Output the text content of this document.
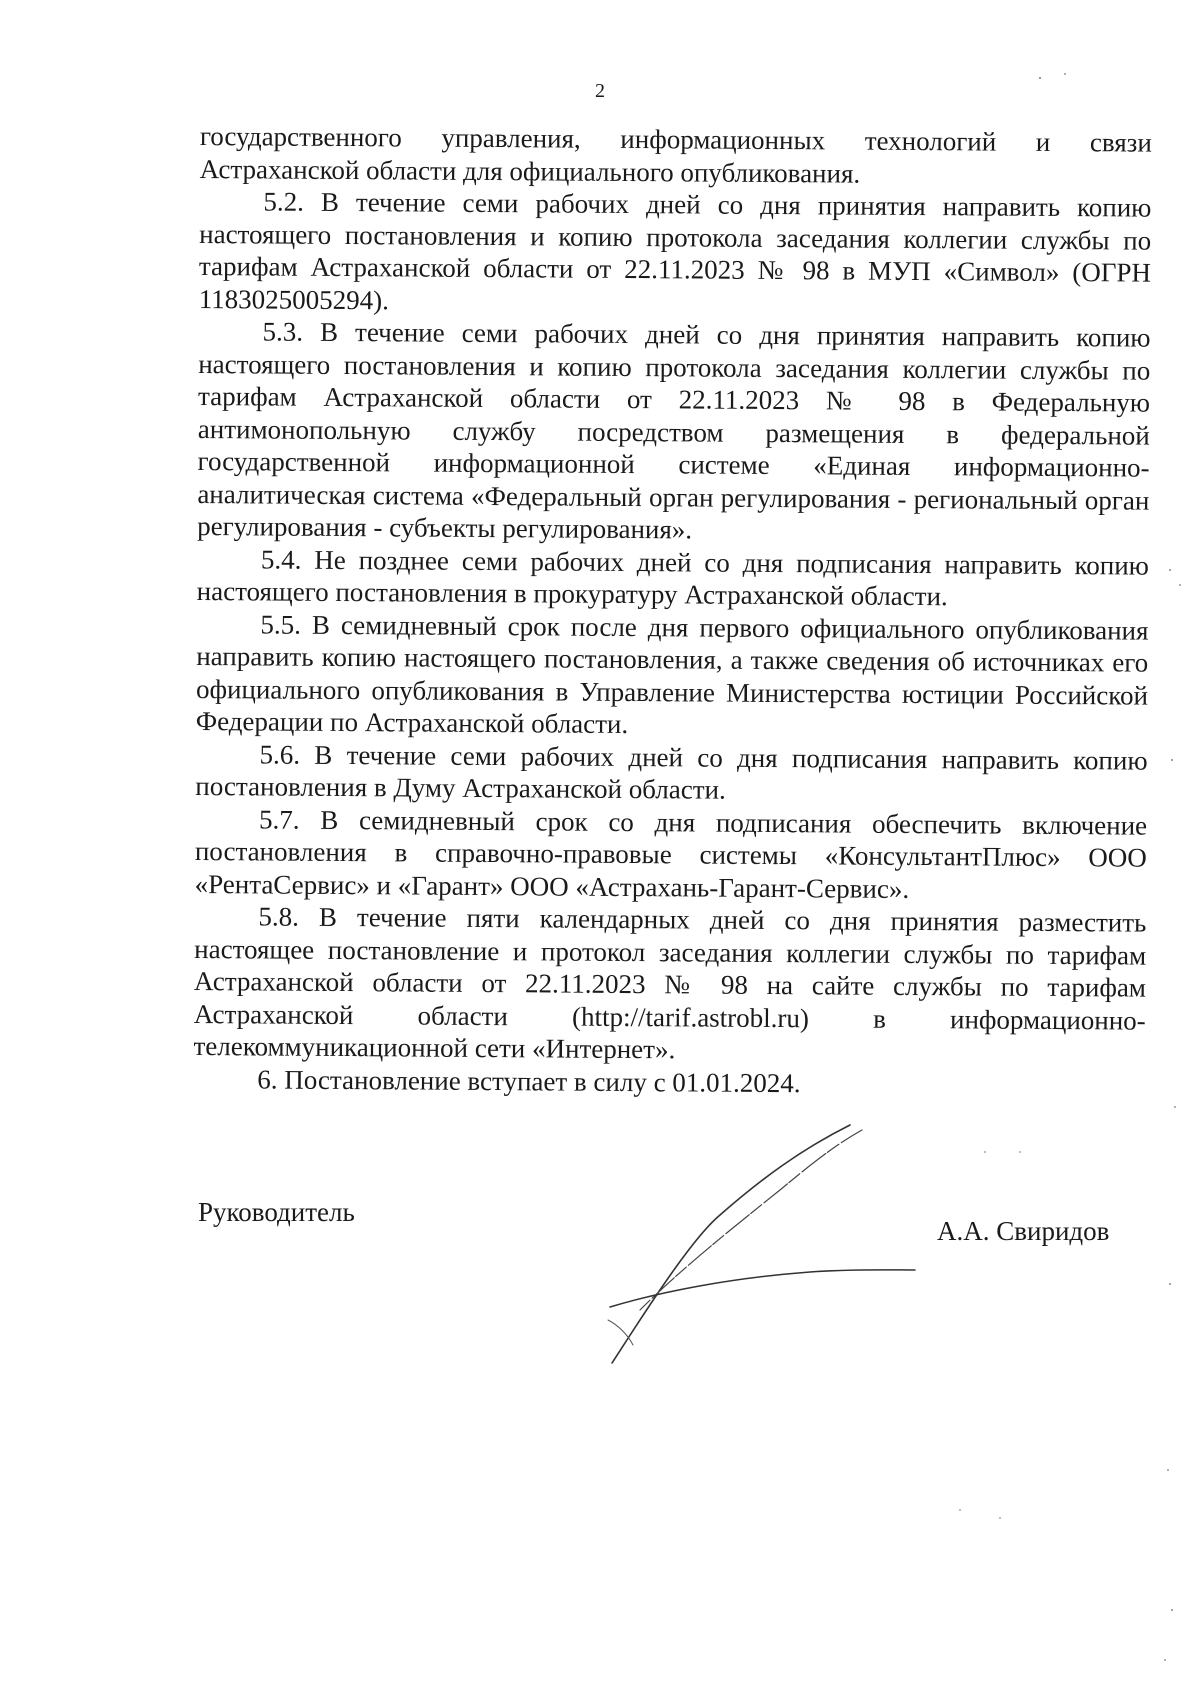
2

государственного управления, информационных технологий и связи Астраханской области для официального опубликования.

5.2. В течение семи рабочих дней со дня принятия направить копию настоящего постановления и копию протокола заседания коллегии службы по тарифам Астраханской области от 22.11.2023 № 98 в МУП «Символ» (ОГРН 1183025005294).

5.3. В течение семи рабочих дней со дня принятия направить копию настоящего постановления и копию протокола заседания коллегии службы по тарифам Астраханской области от 22.11.2023 № 98 в Федеральную антимонопольную службу посредством размещения в федеральной государственной информационной системе «Единая информационно-аналитическая система «Федеральный орган регулирования - региональный орган регулирования - субъекты регулирования».

5.4. Не позднее семи рабочих дней со дня подписания направить копию настоящего постановления в прокуратуру Астраханской области.

5.5. В семидневный срок после дня первого официального опубликования направить копию настоящего постановления, а также сведения об источниках его официального опубликования в Управление Министерства юстиции Российской Федерации по Астраханской области.

5.6. В течение семи рабочих дней со дня подписания направить копию постановления в Думу Астраханской области.

5.7. В семидневный срок со дня подписания обеспечить включение постановления в справочно-правовые системы «КонсультантПлюс» ООО «РентаСервис» и «Гарант» ООО «Астрахань-Гарант-Сервис».

5.8. В течение пяти календарных дней со дня принятия разместить настоящее постановление и протокол заседания коллегии службы по тарифам Астраханской области от 22.11.2023 № 98 на сайте службы по тарифам Астраханской области (http://tarif.astrobl.ru) в информационно-телекоммуникационной сети «Интернет».

6. Постановление вступает в силу с 01.01.2024.

Руководитель
А.А. Свиридов
